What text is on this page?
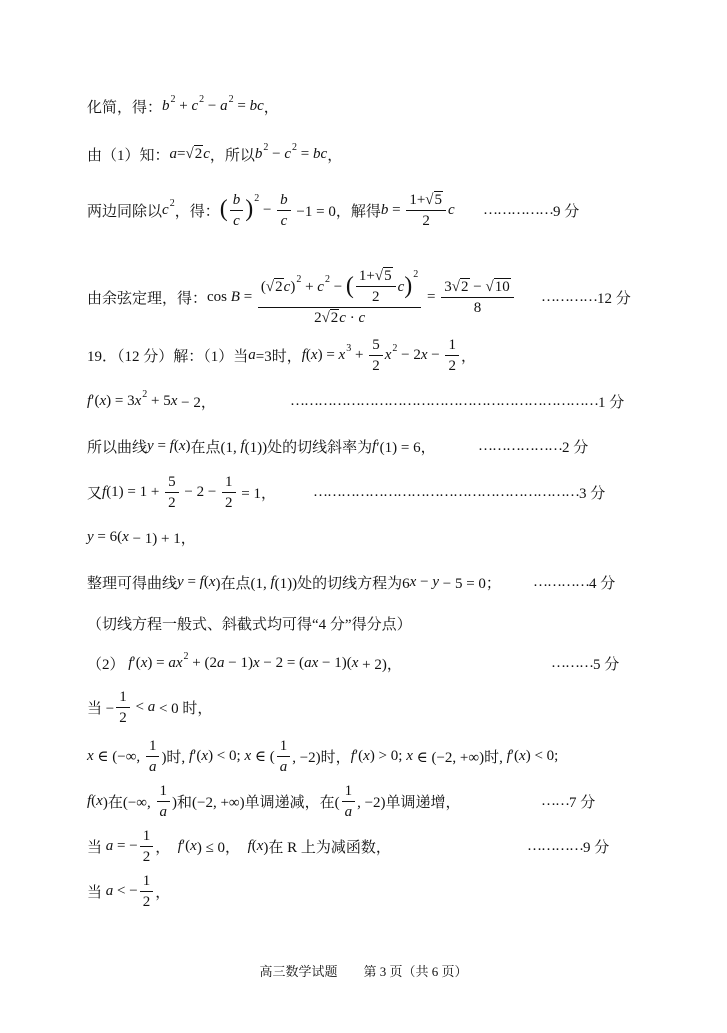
化简，得： b 2 + c 2 − a 2 = bc ，
由（1）知： a =
√ 2 c ，所以 b 2 − c 2 = bc ，
两边同除以 c 2
，得： ( $\frac{b}{c}$ ) 2
− $\frac{b}{c} -1 = 0$，解得 b = 1+
√ 5
2 c …………… 9 分
由余弦定理，得： cos B = (
√ 2 c ) 2 + c 2 − ( 1+
√ 5
2 c ) 2
2
√ 2 c · c = 3
√ 2 −
√ 10
8 ………… 12 分
19．（12 分）解：（1）当 a =3时， f ( x ) = x $3 + \frac{5}{2}$ x 2 − 2 $x - \frac{1}{2}$ ，
f ′( x ) = 3 x 2 + 5 x − 2，	………………………………………………………… 1 分
所以曲线 y = f ( x ) 在点(1, f (1))处的切线斜率为 f ′(1) = 6，	……………… 2 分
又 f $(1) = 1 + \frac{5}{2} - 2 - \frac{1}{2} = 1$， ………………………………………………… 3 分
y = 6( x − 1) + 1，
整理可得曲线 y = f ( x )在点(1, f (1))处的切线方程为6 x − y − 5 = 0； ………… 4 分
（切线方程一般式、斜截式均可得“4 分”得分点）
（2） f ′( x ) = ax 2 + (2 a − 1) x − 2 = ( ax − 1)( x + 2)，	……… 5 分
当 − $\frac{1}{2} < a < 0$ 时，
x ∈ (−∞, $\frac{1}{a}$ )时, f ′( x ) < 0; x ∈ ( $\frac{1}{a}$ , −2)时， f ′( x ) > 0; x ∈ (−2, +∞)时, f ′( x ) < 0;
f ( x )在(−∞, $\frac{1}{a}$ )和(−2, +∞)单调递减，在( $\frac{1}{a}$ , −2)单调递增，	…… 7 分
当 a = − $\frac{1}{2}$ ， f ′( x ) ≤ 0， f ( x )在 R 上为减函数，	………… 9 分
当 a < − $\frac{1}{2}$ ，
高三数学试题 第 3 页（共 6 页）
